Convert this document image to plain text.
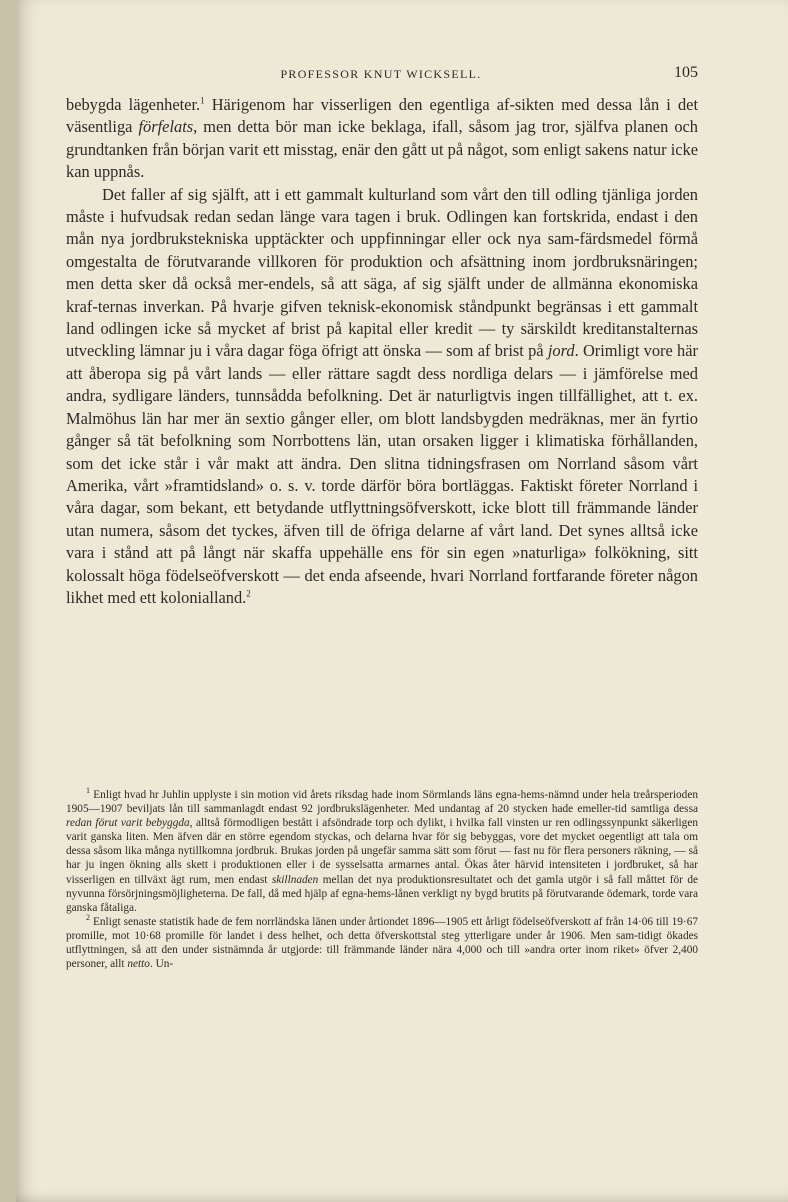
PROFESSOR KNUT WICKSELL.	105

bebygda lägenheter.$^1$ Härigenom har visserligen den egentliga af-sikten med dessa lån i det väsentliga förfelats, men detta bör man icke beklaga, ifall, såsom jag tror, själfva planen och grundtanken från början varit ett misstag, enär den gått ut på något, som enligt sakens natur icke kan uppnås.

Det faller af sig själft, att i ett gammalt kulturland som vårt den till odling tjänliga jorden måste i hufvudsak redan sedan länge vara tagen i bruk. Odlingen kan fortskrida, endast i den mån nya jordbrukstekniska upptäckter och uppfinningar eller ock nya sam-färdsmedel förmå omgestalta de förutvarande villkoren för produktion och afsättning inom jordbruksnäringen; men detta sker då också mer-endels, så att säga, af sig själft under de allmänna ekonomiska kraf-ternas inverkan. På hvarje gifven teknisk-ekonomisk ståndpunkt begränsas i ett gammalt land odlingen icke så mycket af brist på kapital eller kredit — ty särskildt kreditanstalternas utveckling lämnar ju i våra dagar föga öfrigt att önska — som af brist på jord. Orimligt vore här att åberopa sig på vårt lands — eller rättare sagdt dess nordliga delars — i jämförelse med andra, sydligare länders, tunnsådda befolkning. Det är naturligtvis ingen tillfällighet, att t. ex. Malmöhus län har mer än sextio gånger eller, om blott landsbygden medräknas, mer än fyrtio gånger så tät befolkning som Norrbottens län, utan orsaken ligger i klimatiska förhållanden, som det icke står i vår makt att ändra. Den slitna tidningsfrasen om Norrland såsom vårt Amerika, vårt »framtidsland» o. s. v. torde därför böra bortläggas. Faktiskt företer Norrland i våra dagar, som bekant, ett betydande utflyttningsöfverskott, icke blott till främmande länder utan numera, såsom det tyckes, äfven till de öfriga delarne af vårt land. Det synes alltså icke vara i stånd att på långt när skaffa uppehälle ens för sin egen »naturliga» folkökning, sitt kolossalt höga födelseöfverskott — det enda afseende, hvari Norrland fortfarande företer någon likhet med ett kolonialland.$^2$

$^1$ Enligt hvad hr Juhlin upplyste i sin motion vid årets riksdag hade inom Sörmlands läns egna-hems-nämnd under hela treårsperioden 1905—1907 beviljats lån till sammanlagdt endast 92 jordbrukslägenheter. Med undantag af 20 stycken hade emeller-tid samtliga dessa redan förut varit bebyggda, alltså förmodligen bestått i afsöndrade torp och dylikt, i hvilka fall vinsten ur ren odlingssynpunkt säkerligen varit ganska liten. Men äfven där en större egendom styckas, och delarna hvar för sig bebyggas, vore det mycket oegentligt att tala om dessa såsom lika många nytillkomna jordbruk. Brukas jorden på ungefär samma sätt som förut — fast nu för flera personers räkning, — så har ju ingen ökning alls skett i produktionen eller i de sysselsatta armarnes antal. Ökas åter härvid intensiteten i jordbruket, så har visserligen en tillväxt ägt rum, men endast skillnaden mellan det nya produktionsresultatet och det gamla utgör i så fall måttet för de nyvunna försörjningsmöjligheterna. De fall, då med hjälp af egna-hems-lånen verkligt ny bygd brutits på förutvarande ödemark, torde vara ganska fåtaliga.

$^2$ Enligt senaste statistik hade de fem norrländska länen under årtiondet 1896—1905 ett årligt födelseöfverskott af från 14·06 till 19·67 promille, mot 10·68 promille för landet i dess helhet, och detta öfverskottstal steg ytterligare under år 1906. Men sam-tidigt ökades utflyttningen, så att den under sistnämnda år utgjorde: till främmande länder nära 4,000 och till »andra orter inom riket» öfver 2,400 personer, allt netto. Un-
